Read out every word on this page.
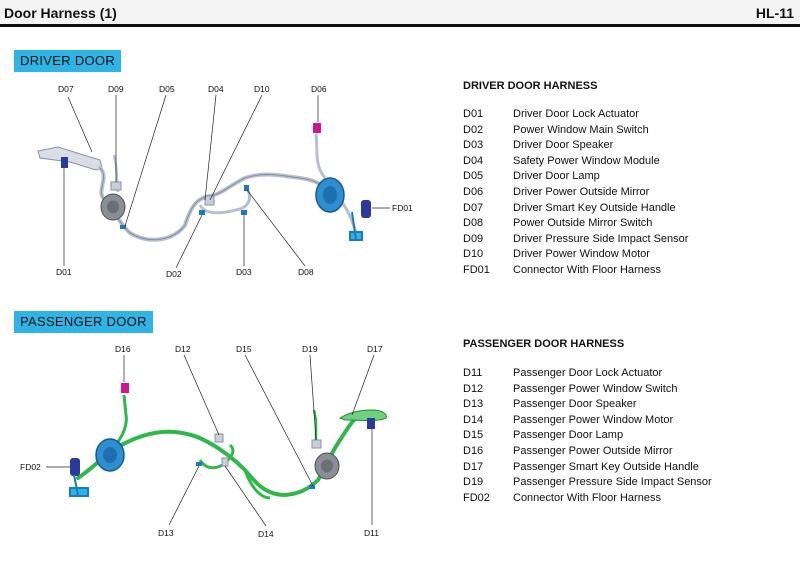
Door Harness (1)	HL-11
DRIVER DOOR
PASSENGER DOOR
D07	D09	D05	D04	D10	D06
D01	D02	D03	D08
FD01
D16	D12	D15	D19	D17
FD02
D13	D14	D11
DRIVER DOOR HARNESS
D01	Driver Door Lock Actuator
D02	Power Window Main Switch
D03	Driver Door Speaker
D04	Safety Power Window Module
D05	Driver Door Lamp
D06	Driver Power Outside Mirror
D07	Driver Smart Key Outside Handle
D08	Power Outside Mirror Switch
D09	Driver Pressure Side Impact Sensor
D10	Driver Power Window Motor
FD01 Connector With Floor Harness
PASSENGER DOOR HARNESS
D11	Passenger Door Lock Actuator
D12	Passenger Power Window Switch
D13	Passenger Door Speaker
D14	Passenger Power Window Motor
D15	Passenger Door Lamp
D16	Passenger Power Outside Mirror
D17	Passenger Smart Key Outside Handle
D19	Passenger Pressure Side Impact Sensor
FD02 Connector With Floor Harness
